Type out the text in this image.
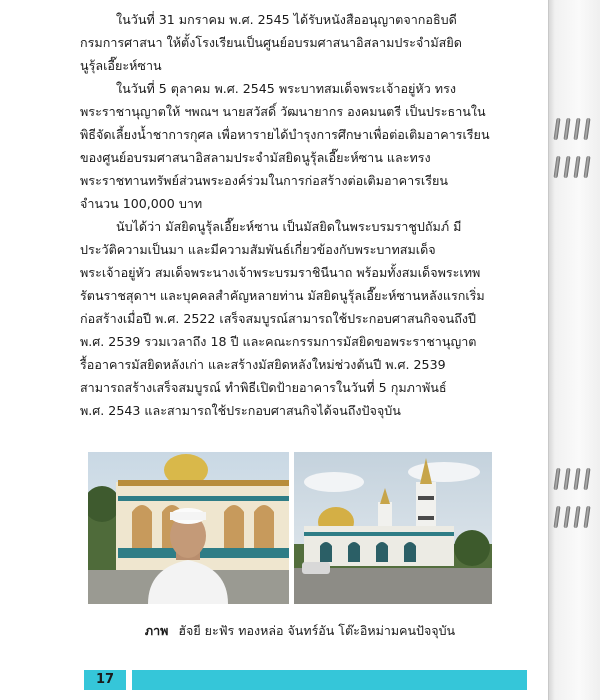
ในวันที่ 31 มกราคม พ.ศ. 2545 ได้รับหนังสืออนุญาตจากอธิบดี
กรมการศาสนา ให้ตั้งโรงเรียนเป็นศูนย์อบรมศาสนาอิสลามประจำมัสยิด
นูรุ้ลเอี๊ยะห์ซาน

ในวันที่ 5 ตุลาคม พ.ศ. 2545 พระบาทสมเด็จพระเจ้าอยู่หัว ทรง
พระราชานุญาตให้ ฯพณฯ นายสวัสดิ์ วัฒนายากร องคมนตรี เป็นประธานใน
พิธีจัดเลี้ยงน้ำชาการกุศล เพื่อหารายได้บำรุงการศึกษาเพื่อต่อเติมอาคารเรียน
ของศูนย์อบรมศาสนาอิสลามประจำมัสยิดนูรุ้ลเอี๊ยะห์ซาน และทรง
พระราชทานทรัพย์ส่วนพระองค์ร่วมในการก่อสร้างต่อเติมอาคารเรียน
จำนวน 100,000 บาท

นับได้ว่า มัสยิดนูรุ้ลเอี๊ยะห์ซาน เป็นมัสยิดในพระบรมราชูปถัมภ์ มี
ประวัติความเป็นมา และมีความสัมพันธ์เกี่ยวข้องกับพระบาทสมเด็จ
พระเจ้าอยู่หัว สมเด็จพระนางเจ้าพระบรมราชินีนาถ พร้อมทั้งสมเด็จพระเทพ
รัตนราชสุดาฯ และบุคคลสำคัญหลายท่าน มัสยิดนูรุ้ลเอี๊ยะห์ซานหลังแรกเริ่ม
ก่อสร้างเมื่อปี พ.ศ. 2522 เสร็จสมบูรณ์สามารถใช้ประกอบศาสนกิจจนถึงปี
พ.ศ. 2539 รวมเวลาถึง 18 ปี และคณะกรรมการมัสยิดขอพระราชานุญาต
รื้ออาคารมัสยิดหลังเก่า และสร้างมัสยิดหลังใหม่ช่วงต้นปี พ.ศ. 2539
สามารถสร้างเสร็จสมบูรณ์ ทำพิธีเปิดป้ายอาคารในวันที่ 5 กุมภาพันธ์
พ.ศ. 2543 และสามารถใช้ประกอบศาสนกิจได้จนถึงปัจจุบัน

ภาพ ฮัจยี ยะฟัร ทองหล่อ จันทร์อัน โต๊ะอิหม่ามคนปัจจุบัน
17
